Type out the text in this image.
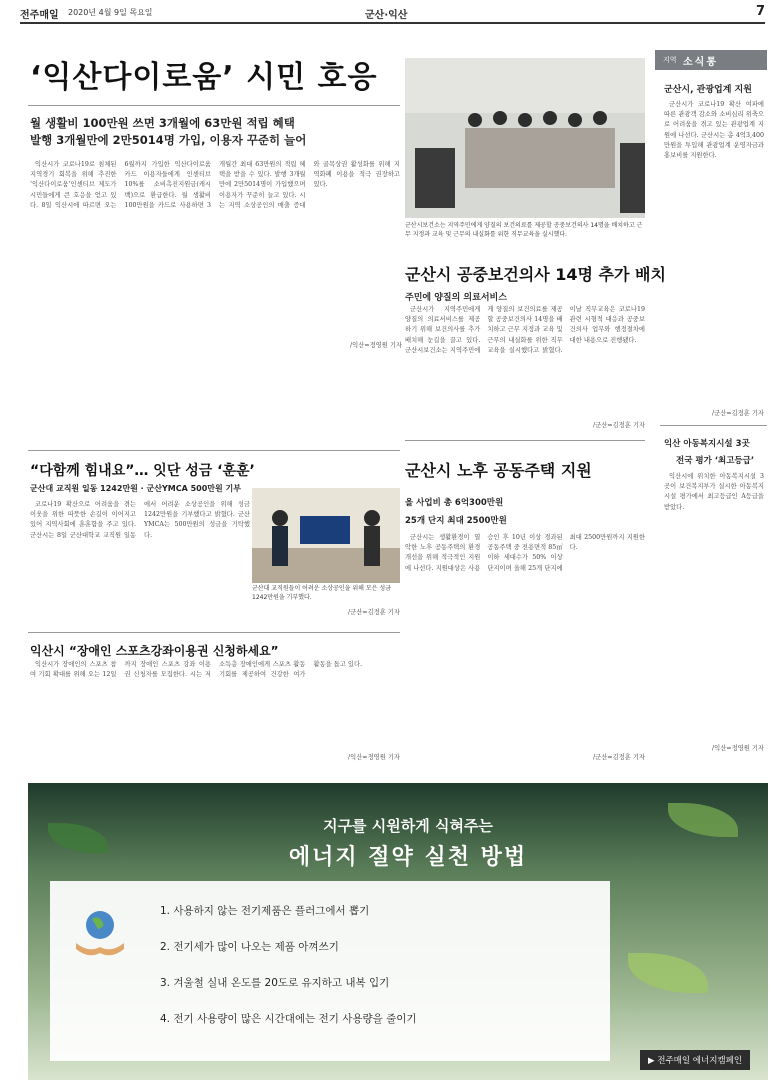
전주매일 2020년 4월 9일 목요일	군산·익산	7
‘익산다이로움’ 시민 호응
월 생활비 100만원 쓰면 3개월에 63만원 적립 혜택
발행 3개월만에 2만5014명 가입, 이용자 꾸준히 늘어

익산시가 코로나19로 침체된 지역경기 회복을 위해 추진한 ‘익산다이로움’인센티브 제도가 시민들에게 큰 호응을 얻고 있다. 8일 익산시에 따르면 오는 6월까지 가입한 익산다이로움 카드 이용자들에게 인센티브 10%를 소비촉진지원금(캐시백)으로 환급한다. 월 생활비 100만원을 카드로 사용하면 3개월간 최대 63만원의 적립 혜택을 받을 수 있다. 발행 3개월만에 2만5014명이 가입했으며 이용자가 꾸준히 늘고 있다. 시는 지역 소상공인의 매출 증대와 골목상권 활성화를 위해 지역화폐 이용을 적극 권장하고 있다.

/익산=정영원 기자
군산시보건소는 지역주민에게 양질의 보건의료를 제공할 공중보건의사 14명을 배치하고 근무 지정과 교육 및 근무의 내실화를 위한 직무교육을 실시했다.
군산시 공중보건의사 14명 추가 배치
주민에 양질의 의료서비스

군산시가 지역주민에게 양질의 의료서비스를 제공하기 위해 보건의사를 추가 배치해 눈길을 끌고 있다. 군산시보건소는 지역주민에게 양질의 보건의료를 제공할 공중보건의사 14명을 배치하고 근무 지정과 교육 및 근무의 내실화를 위한 직무교육을 실시했다고 밝혔다. 이날 직무교육은 코로나19 관련 시형적 대응과 공중보건의사 업무와 행정절차에 대한 내용으로 진행됐다.

/군산=김정훈 기자
“다함께 힘내요”… 잇단 성금 ‘훈훈’
군산대 교직원 일동 1242만원 · 군산YMCA 500만원 기부

코로나19 확산으로 어려움을 겪는 이웃을 위한 따뜻한 손길이 이어지고 있어 지역사회에 훈훈함을 주고 있다. 군산시는 8일 군산대학교 교직원 일동에서 어려운 소상공인을 위해 성금 1242만원을 기부했다고 밝혔다. 군산YMCA는 500만원의 성금을 기탁했다.

군산대 교직원들이 어려운 소상공인을 위해 모은 성금 1242만원을 기부했다.
/군산=김정훈 기자
익산시 “장애인 스포츠강좌이용권 신청하세요”

익산시가 장애인의 스포츠 참여 기회 확대를 위해 오는 12일까지 장애인 스포츠 강좌 이용권 신청자를 모집한다. 시는 저소득층 장애인에게 스포츠 활동 기회를 제공하여 건강한 여가 활동을 돕고 있다.

/익산=정영원 기자
군산시 노후 공동주택 지원
올 사업비 총 6억300만원
25개 단지 최대 2500만원

군산시는 생활환경이 열악한 노후 공동주택의 환경개선을 위해 적극적인 지원에 나선다. 지원대상은 사용승인 후 10년 이상 경과된 공동주택 중 전용면적 85㎡ 이하 세대수가 50% 이상 단지이며 올해 25개 단지에 최대 2500만원까지 지원한다.

/군산=김정훈 기자
지역 소식통
군산시, 관광업계 지원

군산시가 코로나19 확산 여파에 따른 관광객 감소와 소비심리 위축으로 어려움을 겪고 있는 관광업계 지원에 나선다. 군산시는 총 4억3,400만원을 투입해 관광업계 운영자금과 홍보비를 지원한다.

/군산=김정훈 기자
익산 아동복지시설 3곳
전국 평가 ‘최고등급’

익산시에 위치한 아동복지시설 3곳이 보건복지부가 실시한 아동복지시설 평가에서 최고등급인 A등급을 받았다.

/익산=정영원 기자
지구를 시원하게 식혀주는
에너지 절약 실천 방법
1. 사용하지 않는 전기제품은 플러그에서 뽑기
2. 전기세가 많이 나오는 제품 아껴쓰기
3. 겨울철 실내 온도를 20도로 유지하고 내복 입기
4. 전기 사용량이 많은 시간대에는 전기 사용량을 줄이기
▶ 전주매일 에너지캠페인
